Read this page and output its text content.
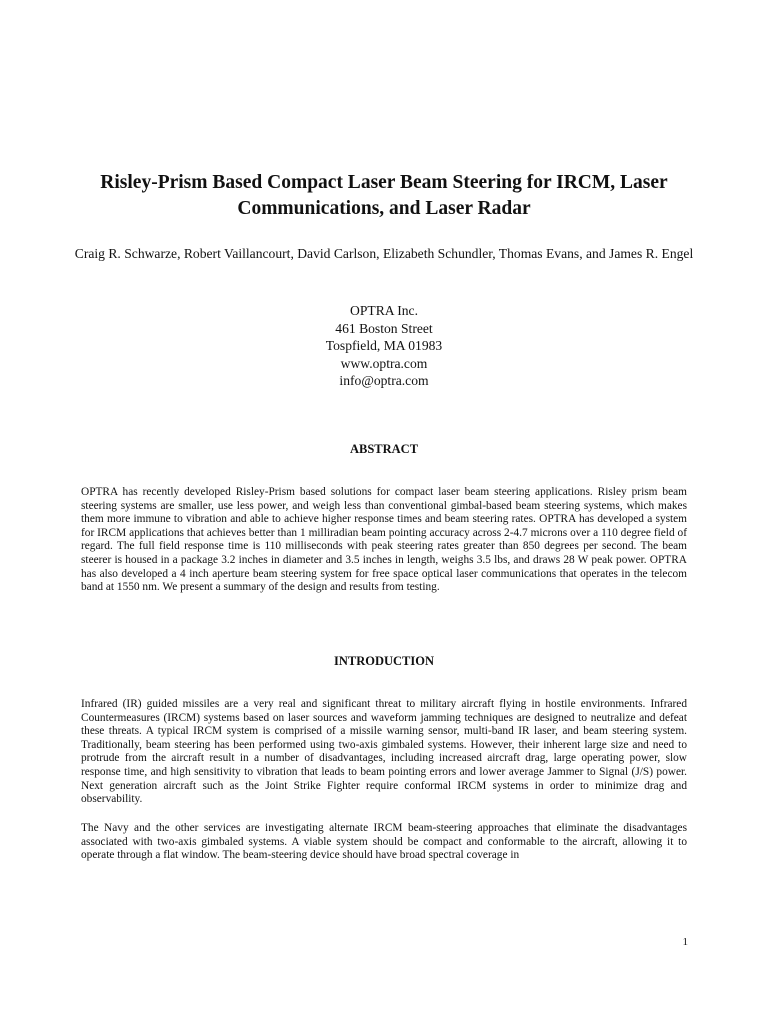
Risley-Prism Based Compact Laser Beam Steering for IRCM, Laser Communications, and Laser Radar

Craig R. Schwarze, Robert Vaillancourt, David Carlson, Elizabeth Schundler, Thomas Evans, and James R. Engel

OPTRA Inc.
461 Boston Street
Tospfield, MA 01983
www.optra.com
info@optra.com
ABSTRACT

OPTRA has recently developed Risley-Prism based solutions for compact laser beam steering applications. Risley prism beam steering systems are smaller, use less power, and weigh less than conventional gimbal-based beam steering systems, which makes them more immune to vibration and able to achieve higher response times and beam steering rates. OPTRA has developed a system for IRCM applications that achieves better than 1 milliradian beam pointing accuracy across 2-4.7 microns over a 110 degree field of regard. The full field response time is 110 milliseconds with peak steering rates greater than 850 degrees per second. The beam steerer is housed in a package 3.2 inches in diameter and 3.5 inches in length, weighs 3.5 lbs, and draws 28 W peak power. OPTRA has also developed a 4 inch aperture beam steering system for free space optical laser communications that operates in the telecom band at 1550 nm. We present a summary of the design and results from testing.

INTRODUCTION

Infrared (IR) guided missiles are a very real and significant threat to military aircraft flying in hostile environments. Infrared Countermeasures (IRCM) systems based on laser sources and waveform jamming techniques are designed to neutralize and defeat these threats. A typical IRCM system is comprised of a missile warning sensor, multi-band IR laser, and beam steering system. Traditionally, beam steering has been performed using two-axis gimbaled systems. However, their inherent large size and need to protrude from the aircraft result in a number of disadvantages, including increased aircraft drag, large operating power, slow response time, and high sensitivity to vibration that leads to beam pointing errors and lower average Jammer to Signal (J/S) power. Next generation aircraft such as the Joint Strike Fighter require conformal IRCM systems in order to minimize drag and observability.

The Navy and the other services are investigating alternate IRCM beam-steering approaches that eliminate the disadvantages associated with two-axis gimbaled systems. A viable system should be compact and conformable to the aircraft, allowing it to operate through a flat window. The beam-steering device should have broad spectral coverage in

1
